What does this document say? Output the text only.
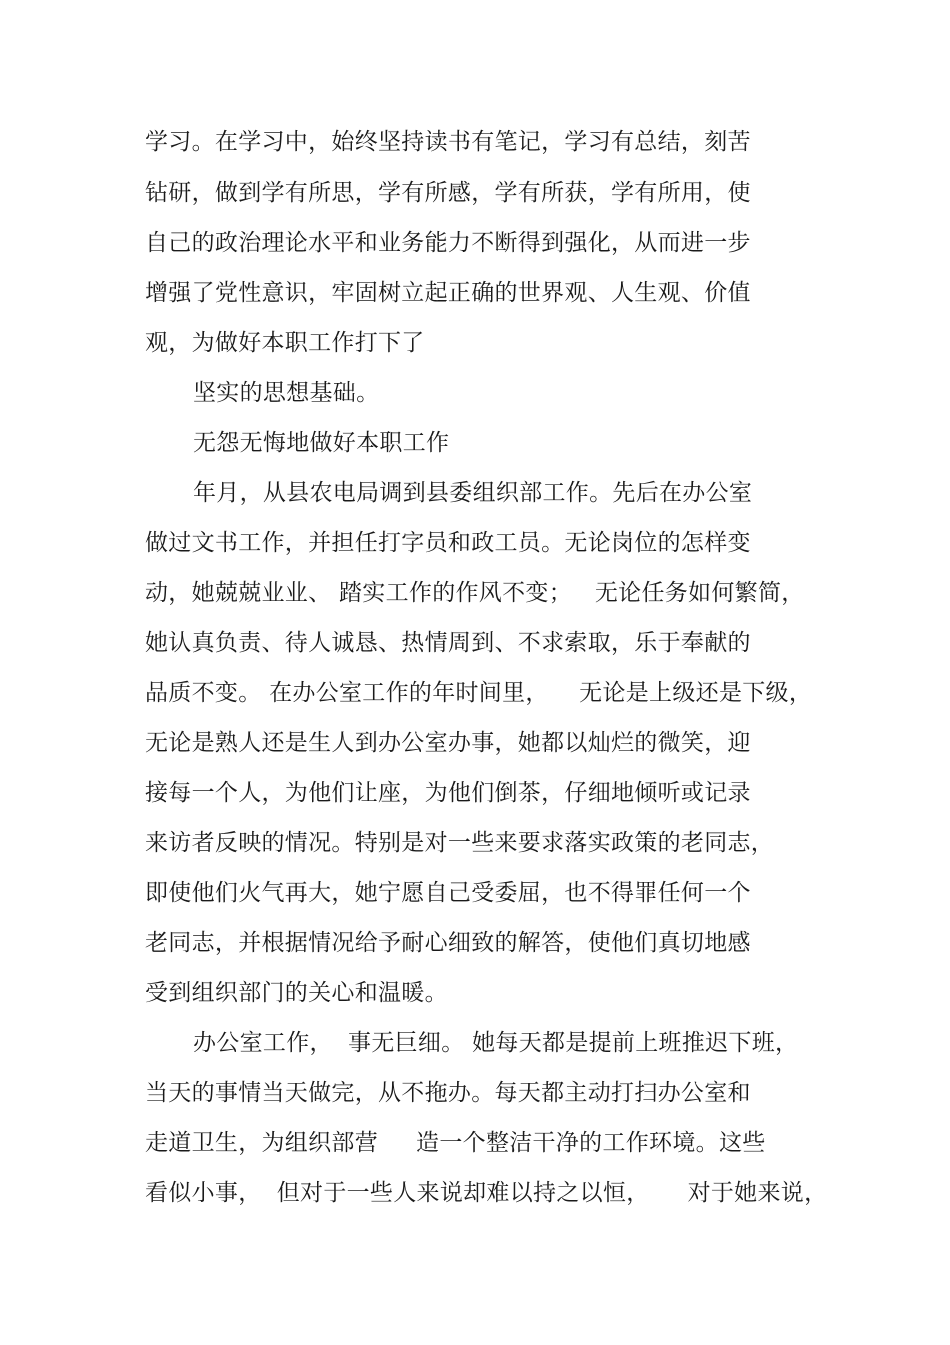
学习。在学习中，始终坚持读书有笔记，学习有总结，刻苦
钻研，做到学有所思，学有所感，学有所获，学有所用，使
自己的政治理论水平和业务能力不断得到强化，从而进一步
增强了党性意识，牢固树立起正确的世界观、人生观、价值
观，为做好本职工作打下了
坚实的思想基础。
无怨无悔地做好本职工作
年月，从县农电局调到县委组织部工作。先后在办公室
做过文书工作，并担任打字员和政工员。无论岗位的怎样变
动，她兢兢业业、 踏实工作的作风不变；   无论任务如何繁简，
她认真负责、待人诚恳、热情周到、不求索取，乐于奉献的
品质不变。 在办公室工作的年时间里，    无论是上级还是下级，
无论是熟人还是生人到办公室办事，她都以灿烂的微笑，迎
接每一个人，为他们让座，为他们倒茶，仔细地倾听或记录
来访者反映的情况。特别是对一些来要求落实政策的老同志，
即使他们火气再大，她宁愿自己受委屈，也不得罪任何一个
老同志，并根据情况给予耐心细致的解答，使他们真切地感
受到组织部门的关心和温暖。
办公室工作，  事无巨细。 她每天都是提前上班推迟下班，
当天的事情当天做完，从不拖办。每天都主动打扫办公室和
走道卫生，为组织部营     造一个整洁干净的工作环境。这些
看似小事，  但对于一些人来说却难以持之以恒，     对于她来说，
